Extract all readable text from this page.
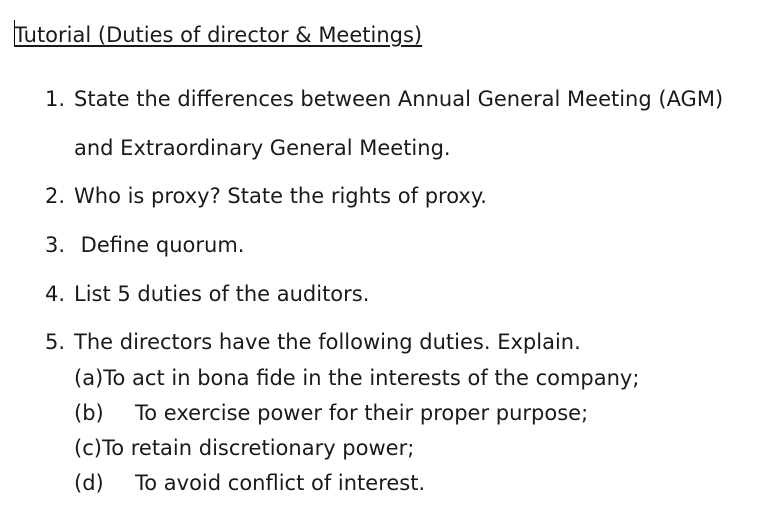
Tutorial (Duties of director & Meetings)
1. State the differences between Annual General Meeting (AGM)
and Extraordinary General Meeting.
2. Who is proxy? State the rights of proxy.
3. Define quorum.
4. List 5 duties of the auditors.
5. The directors have the following duties. Explain.
(a)To act in bona fide in the interests of the company;
(b) To exercise power for their proper purpose;
(c)To retain discretionary power;
(d) To avoid conflict of interest.
